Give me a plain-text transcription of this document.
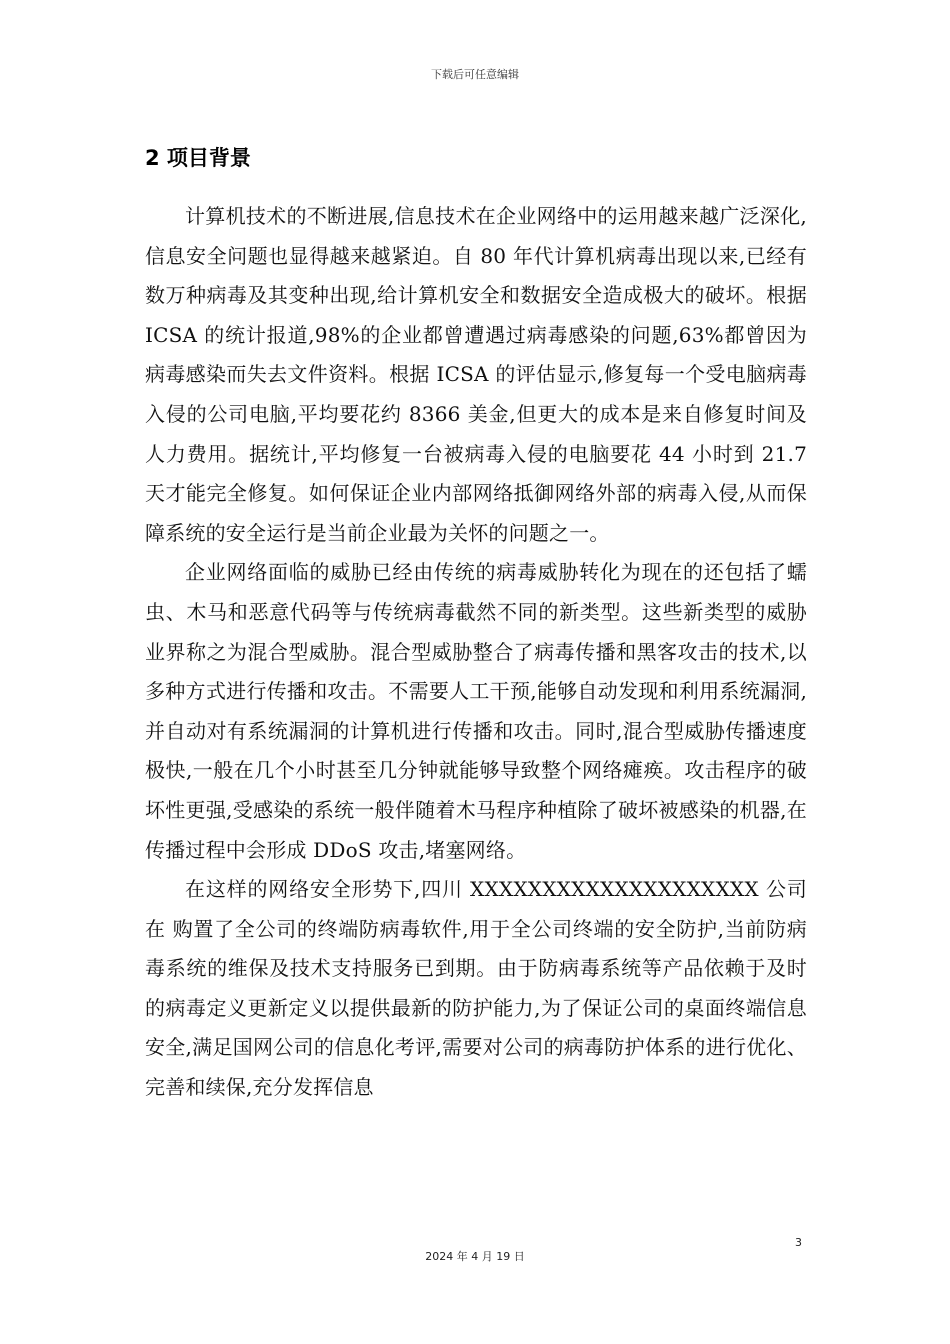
下载后可任意编辑
2 项目背景

计算机技术的不断进展,信息技术在企业网络中的运用越来越广泛深化,信息安全问题也显得越来越紧迫。自 80 年代计算机病毒出现以来,已经有数万种病毒及其变种出现,给计算机安全和数据安全造成极大的破坏。根据 ICSA 的统计报道,98%的企业都曾遭遇过病毒感染的问题,63%都曾因为病毒感染而失去文件资料。根据 ICSA 的评估显示,修复每一个受电脑病毒入侵的公司电脑,平均要花约 8366 美金,但更大的成本是来自修复时间及人力费用。据统计,平均修复一台被病毒入侵的电脑要花 44 小时到 21.7 天才能完全修复。如何保证企业内部网络抵御网络外部的病毒入侵,从而保障系统的安全运行是当前企业最为关怀的问题之一。

企业网络面临的威胁已经由传统的病毒威胁转化为现在的还包括了蠕虫、木马和恶意代码等与传统病毒截然不同的新类型。这些新类型的威胁业界称之为混合型威胁。混合型威胁整合了病毒传播和黑客攻击的技术,以多种方式进行传播和攻击。不需要人工干预,能够自动发现和利用系统漏洞,并自动对有系统漏洞的计算机进行传播和攻击。同时,混合型威胁传播速度极快,一般在几个小时甚至几分钟就能够导致整个网络瘫痪。攻击程序的破坏性更强,受感染的系统一般伴随着木马程序种植除了破坏被感染的机器,在传播过程中会形成 DDoS 攻击,堵塞网络。

在这样的网络安全形势下,四川 XXXXXXXXXXXXXXXXXXXX 公司在 购置了全公司的终端防病毒软件,用于全公司终端的安全防护,当前防病毒系统的维保及技术支持服务已到期。由于防病毒系统等产品依赖于及时的病毒定义更新定义以提供最新的防护能力,为了保证公司的桌面终端信息安全,满足国网公司的信息化考评,需要对公司的病毒防护体系的进行优化、完善和续保,充分发挥信息

3
2024 年 4 月 19 日
